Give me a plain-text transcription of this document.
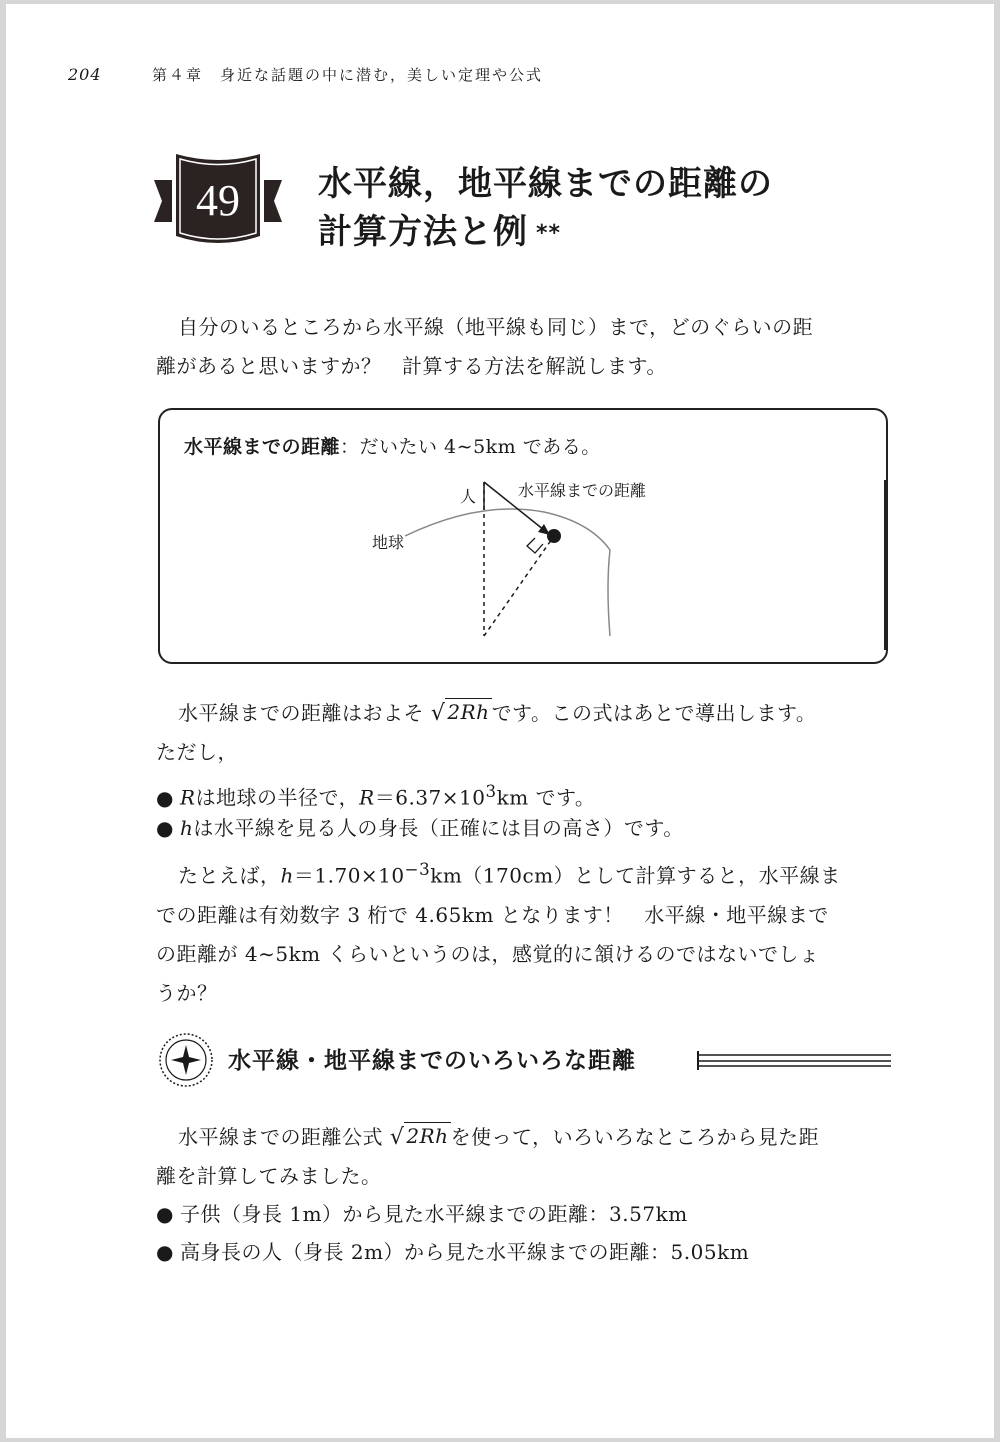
204	第４章　身近な話題の中に潜む，美しい定理や公式
49	水平線，地平線までの距離の
計算方法と例 **
自分のいるところから水平線（地平線も同じ）まで，どのぐらいの距
離があると思いますか？　計算する方法を解説します。
水平線までの距離：だいたい 4∼5km である。
人	水平線までの距離
地球
水平線までの距離はおよそ √ 2Rh です。この式はあとで導出します。
ただし，
● Rは地球の半径で，$R=6.37\times 10^3km$ です。
● hは水平線を見る人の身長（正確には目の高さ）です。
たとえば，$h=1.70\times 10^{-3}km(170cm)$として計算すると，水平線ま
での距離は有効数字 3 桁で 4.65km となります！　水平線・地平線まで
の距離が 4∼5km くらいというのは，感覚的に頷けるのではないでしょ
うか？
水平線・地平線までのいろいろな距離
水平線までの距離公式 √ 2Rh を使って，いろいろなところから見た距
離を計算してみました。
● 子供（身長 1m）から見た水平線までの距離：3.57km
● 高身長の人（身長 2m）から見た水平線までの距離：5.05km
